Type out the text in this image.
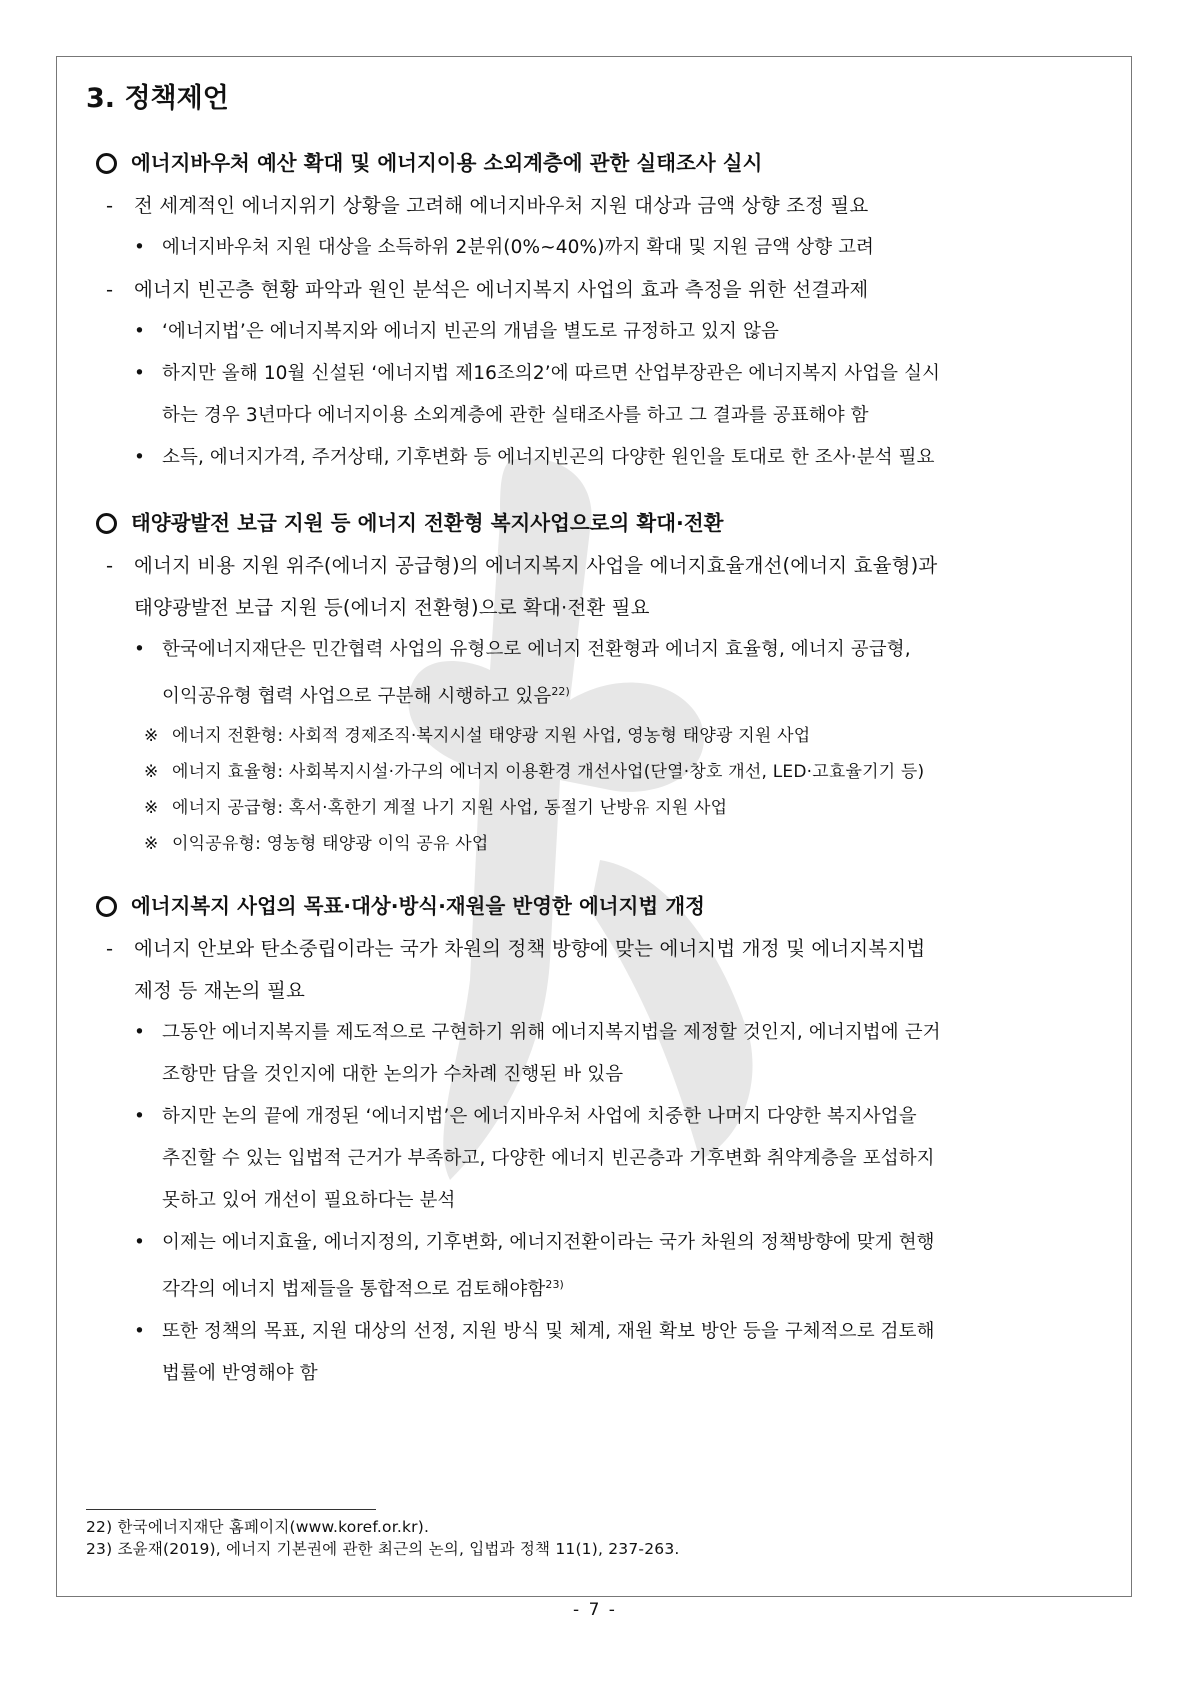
3. 정책제언
에너지바우처 예산 확대 및 에너지이용 소외계층에 관한 실태조사 실시
- 전 세계적인 에너지위기 상황을 고려해 에너지바우처 지원 대상과 금액 상향 조정 필요
• 에너지바우처 지원 대상을 소득하위 2분위(0%~40%)까지 확대 및 지원 금액 상향 고려
- 에너지 빈곤층 현황 파악과 원인 분석은 에너지복지 사업의 효과 측정을 위한 선결과제
• ‘에너지법’은 에너지복지와 에너지 빈곤의 개념을 별도로 규정하고 있지 않음
• 하지만 올해 10월 신설된 ‘에너지법 제16조의2’에 따르면 산업부장관은 에너지복지 사업을 실시
하는 경우 3년마다 에너지이용 소외계층에 관한 실태조사를 하고 그 결과를 공표해야 함
• 소득, 에너지가격, 주거상태, 기후변화 등 에너지빈곤의 다양한 원인을 토대로 한 조사·분석 필요
태양광발전 보급 지원 등 에너지 전환형 복지사업으로의 확대·전환
- 에너지 비용 지원 위주(에너지 공급형)의 에너지복지 사업을 에너지효율개선(에너지 효율형)과
태양광발전 보급 지원 등(에너지 전환형)으로 확대·전환 필요
• 한국에너지재단은 민간협력 사업의 유형으로 에너지 전환형과 에너지 효율형, 에너지 공급형,
이익공유형 협력 사업으로 구분해 시행하고 있음$^{22)}$
※ 에너지 전환형: 사회적 경제조직·복지시설 태양광 지원 사업, 영농형 태양광 지원 사업
※ 에너지 효율형: 사회복지시설·가구의 에너지 이용환경 개선사업(단열·창호 개선, LED·고효율기기 등)
※ 에너지 공급형: 혹서·혹한기 계절 나기 지원 사업, 동절기 난방유 지원 사업
※ 이익공유형: 영농형 태양광 이익 공유 사업
에너지복지 사업의 목표·대상·방식·재원을 반영한 에너지법 개정
- 에너지 안보와 탄소중립이라는 국가 차원의 정책 방향에 맞는 에너지법 개정 및 에너지복지법
제정 등 재논의 필요
• 그동안 에너지복지를 제도적으로 구현하기 위해 에너지복지법을 제정할 것인지, 에너지법에 근거
조항만 담을 것인지에 대한 논의가 수차례 진행된 바 있음
• 하지만 논의 끝에 개정된 ‘에너지법’은 에너지바우처 사업에 치중한 나머지 다양한 복지사업을
추진할 수 있는 입법적 근거가 부족하고, 다양한 에너지 빈곤층과 기후변화 취약계층을 포섭하지
못하고 있어 개선이 필요하다는 분석
• 이제는 에너지효율, 에너지정의, 기후변화, 에너지전환이라는 국가 차원의 정책방향에 맞게 현행
각각의 에너지 법제들을 통합적으로 검토해야함$^{23)}$
• 또한 정책의 목표, 지원 대상의 선정, 지원 방식 및 체계, 재원 확보 방안 등을 구체적으로 검토해
법률에 반영해야 함
22) 한국에너지재단 홈페이지(www.koref.or.kr).
23) 조윤재(2019), 에너지 기본권에 관한 최근의 논의, 입법과 정책 11(1), 237-263.
- 7 -
